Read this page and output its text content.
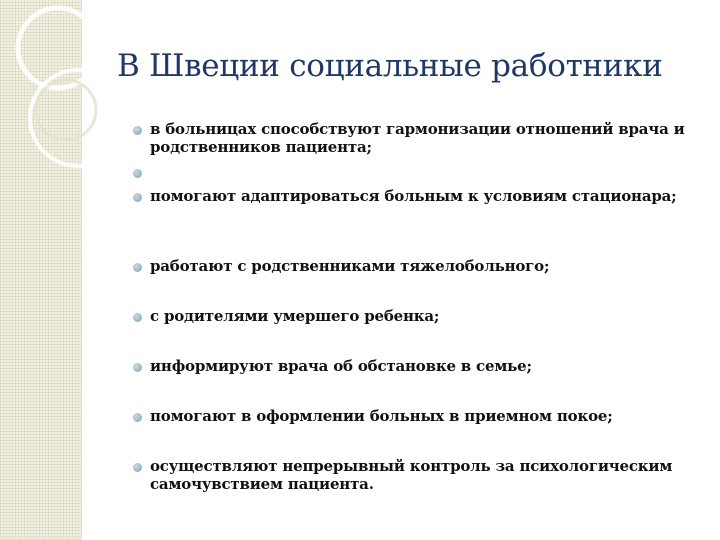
В Швеции социальные работники
в больницах способствуют гармонизации отношений врача и родственников пациента;
помогают адаптироваться больным к условиям стационара;
работают с родственниками тяжелобольного;
с родителями умершего ребенка;
информируют врача об обстановке в семье;
помогают в оформлении больных в приемном покое;
осуществляют непрерывный контроль за психологическим самочувствием пациента.
